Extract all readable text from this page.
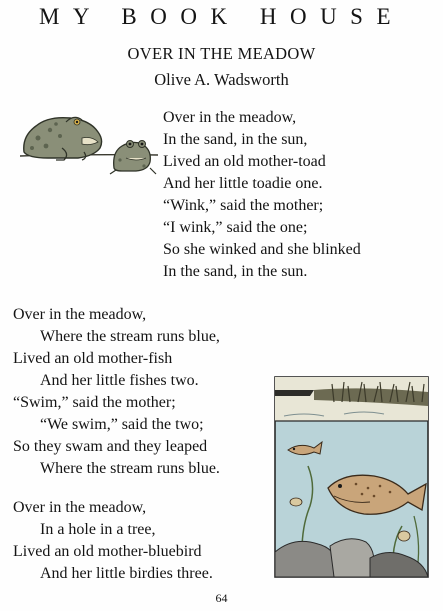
MY BOOK HOUSE
OVER IN THE MEADOW
Olive A. Wadsworth
Over in the meadow,
In the sand, in the sun,
Lived an old mother-toad
And her little toadie one.
“Wink,” said the mother;
“I wink,” said the one;
So she winked and she blinked
In the sand, in the sun.
Over in the meadow,
Where the stream runs blue,
Lived an old mother-fish
And her little fishes two.
“Swim,” said the mother;
“We swim,” said the two;
So they swam and they leaped
Where the stream runs blue.
Over in the meadow,
In a hole in a tree,
Lived an old mother-bluebird
And her little birdies three.
64
